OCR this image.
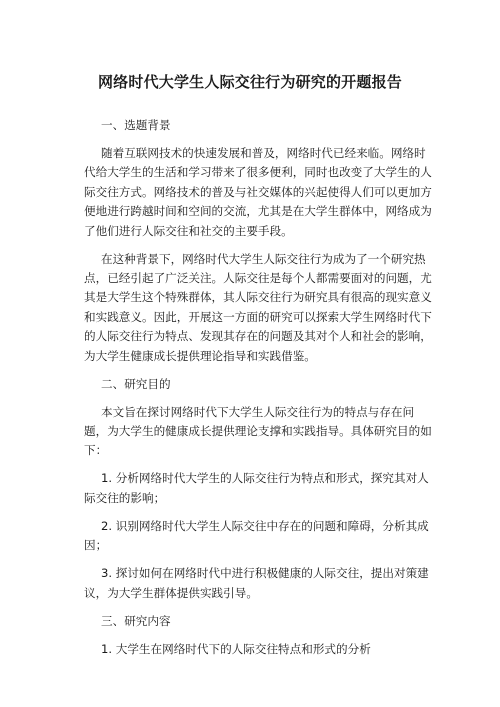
网络时代大学生人际交往行为研究的开题报告

一、选题背景

随着互联网技术的快速发展和普及，网络时代已经来临。网络时代给大学生的生活和学习带来了很多便利，同时也改变了大学生的人际交往方式。网络技术的普及与社交媒体的兴起使得人们可以更加方便地进行跨越时间和空间的交流，尤其是在大学生群体中，网络成为了他们进行人际交往和社交的主要手段。

在这种背景下，网络时代大学生人际交往行为成为了一个研究热点，已经引起了广泛关注。人际交往是每个人都需要面对的问题，尤其是大学生这个特殊群体，其人际交往行为研究具有很高的现实意义和实践意义。因此，开展这一方面的研究可以探索大学生网络时代下的人际交往行为特点、发现其存在的问题及其对个人和社会的影响，为大学生健康成长提供理论指导和实践借鉴。

二、研究目的

本文旨在探讨网络时代下大学生人际交往行为的特点与存在问题，为大学生的健康成长提供理论支撑和实践指导。具体研究目的如下：

1. 分析网络时代大学生的人际交往行为特点和形式，探究其对人际交往的影响；

2. 识别网络时代大学生人际交往中存在的问题和障碍，分析其成因；

3. 探讨如何在网络时代中进行积极健康的人际交往，提出对策建议，为大学生群体提供实践引导。

三、研究内容

1. 大学生在网络时代下的人际交往特点和形式的分析
